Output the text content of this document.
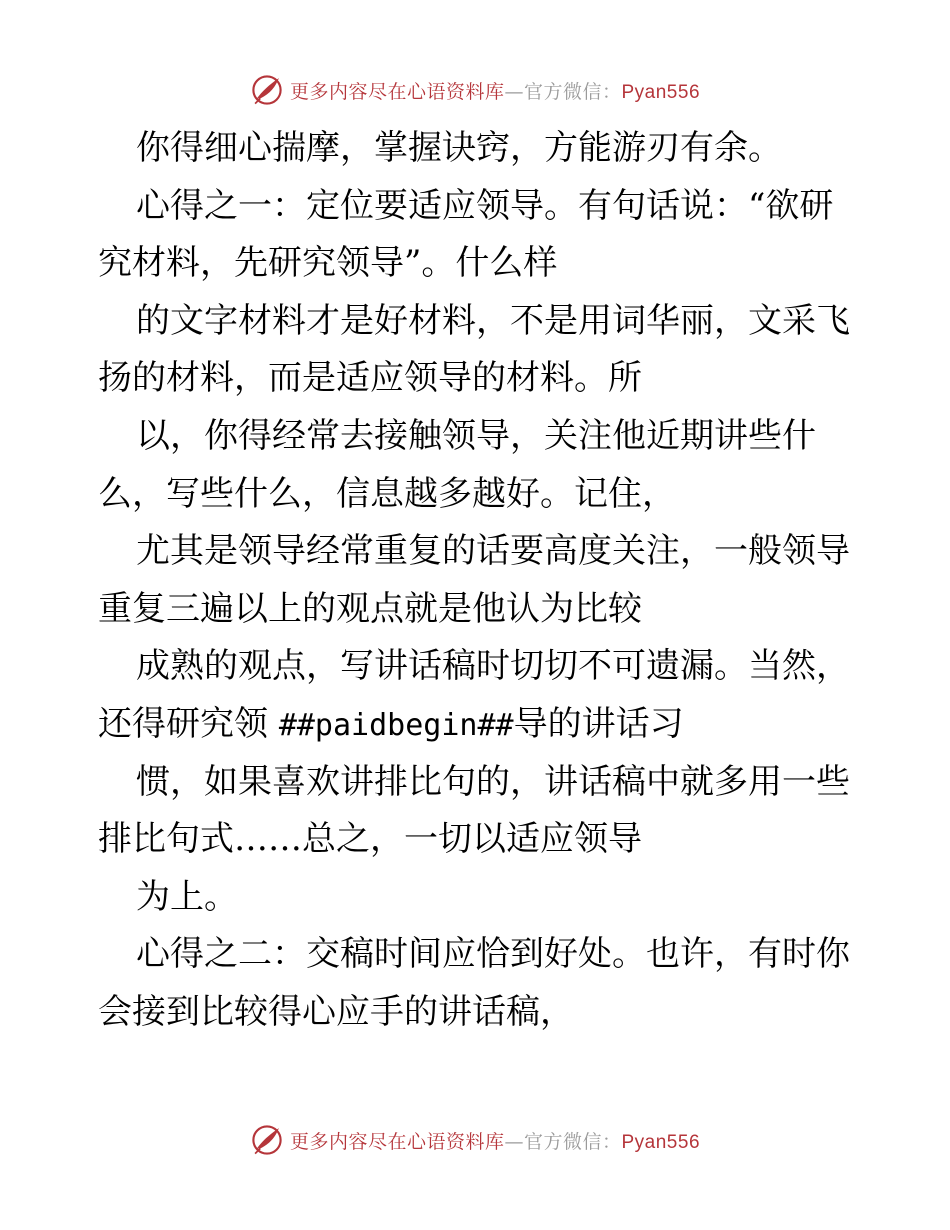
更多内容尽在心语资料库—官方微信：Pyan556
你得细心揣摩，掌握诀窍，方能游刃有余。
心得之一：定位要适应领导。有句话说：“欲研
究材料，先研究领导”。什么样
的文字材料才是好材料，不是用词华丽，文采飞
扬的材料，而是适应领导的材料。所
以，你得经常去接触领导，关注他近期讲些什
么，写些什么，信息越多越好。记住，
尤其是领导经常重复的话要高度关注，一般领导
重复三遍以上的观点就是他认为比较
成熟的观点，写讲话稿时切切不可遗漏。当然，
还得研究领 ##paidbegin##导的讲话习
惯，如果喜欢讲排比句的，讲话稿中就多用一些
排比句式……总之，一切以适应领导
为上。
心得之二：交稿时间应恰到好处。也许，有时你
会接到比较得心应手的讲话稿，
更多内容尽在心语资料库—官方微信：Pyan556
